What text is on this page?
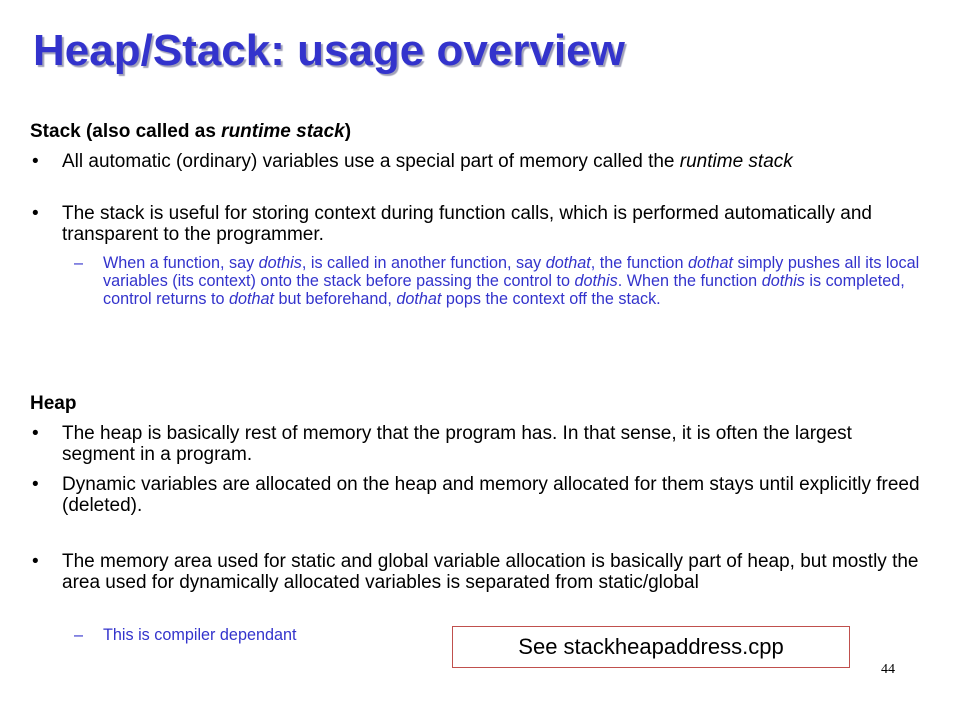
Heap/Stack: usage overview

Stack (also called as runtime stack)

• All automatic (ordinary) variables use a special part of memory called the runtime stack
• The stack is useful for storing context during function calls, which is performed automatically and transparent to the programmer.
– When a function, say dothis, is called in another function, say dothat, the function dothat simply pushes all its local variables (its context) onto the stack before passing the control to dothis. When the function dothis is completed, control returns to dothat but beforehand, dothat pops the context off the stack.

Heap

• The heap is basically rest of memory that the program has. In that sense, it is often the largest segment in a program.
• Dynamic variables are allocated on the heap and memory allocated for them stays until explicitly freed (deleted).
• The memory area used for static and global variable allocation is basically part of heap, but mostly the area used for dynamically allocated variables is separated from static/global
– This is compiler dependant	See stackheapaddress.cpp
44
